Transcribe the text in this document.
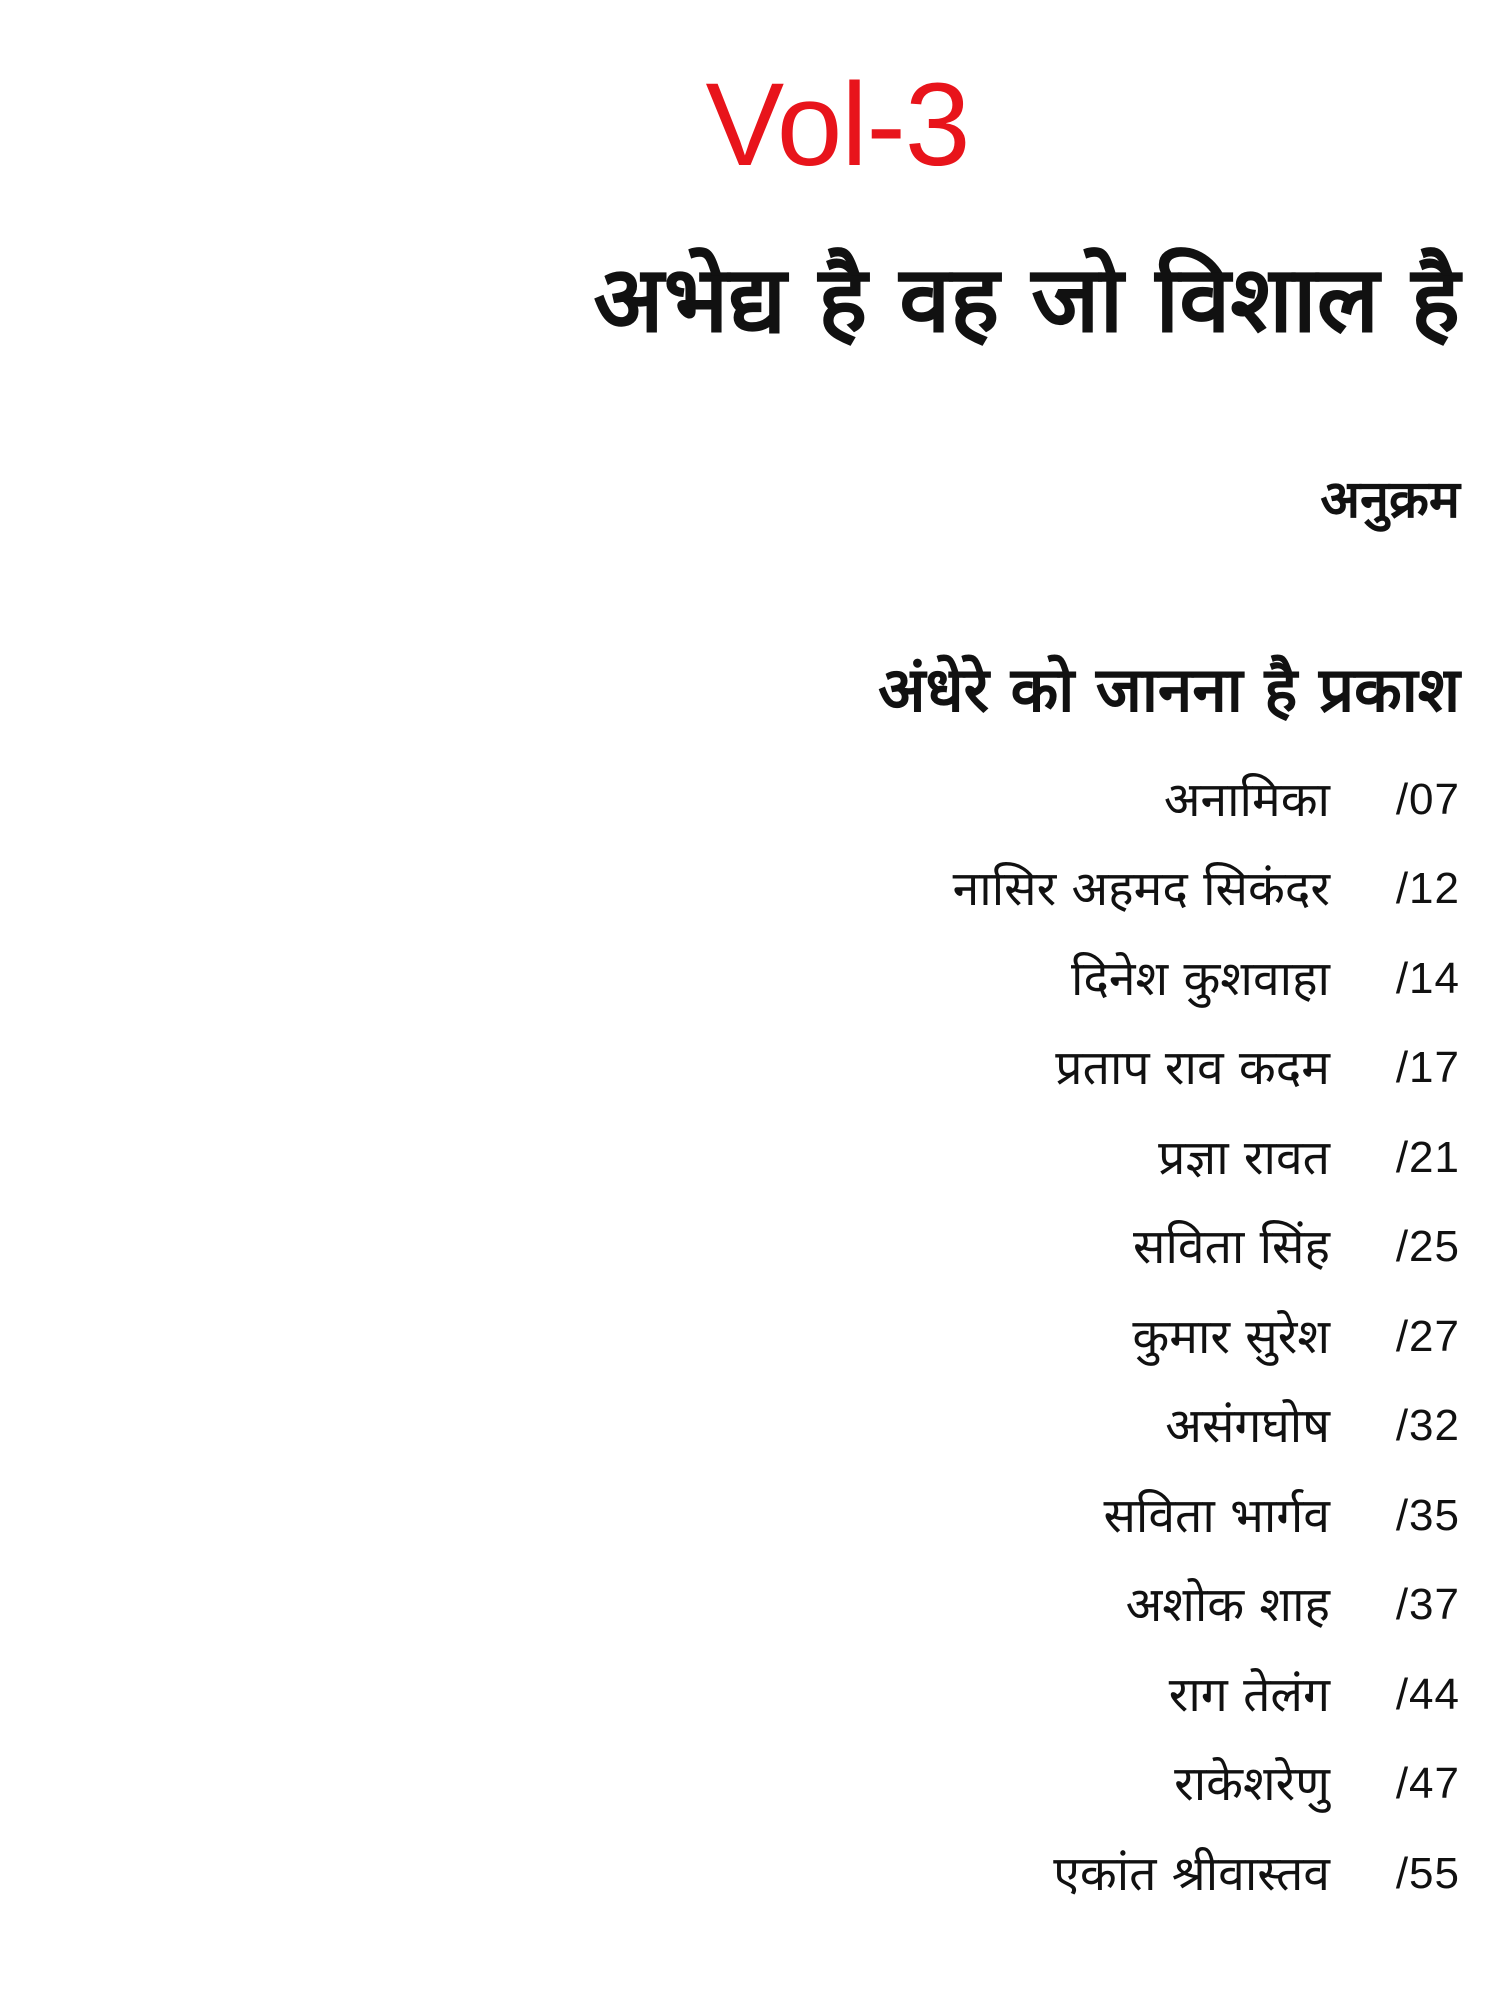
Vol-3
अभेद्य है वह जो विशाल है
अनुक्रम
अंधेरे को जानना है प्रकाश
अनामिका	/07
नासिर अहमद सिकंदर	/12
दिनेश कुशवाहा	/14
प्रताप राव कदम	/17
प्रज्ञा रावत	/21
सविता सिंह	/25
कुमार सुरेश	/27
असंगघोष	/32
सविता भार्गव	/35
अशोक शाह	/37
राग तेलंग	/44
राकेशरेणु	/47
एकांत श्रीवास्तव	/55
